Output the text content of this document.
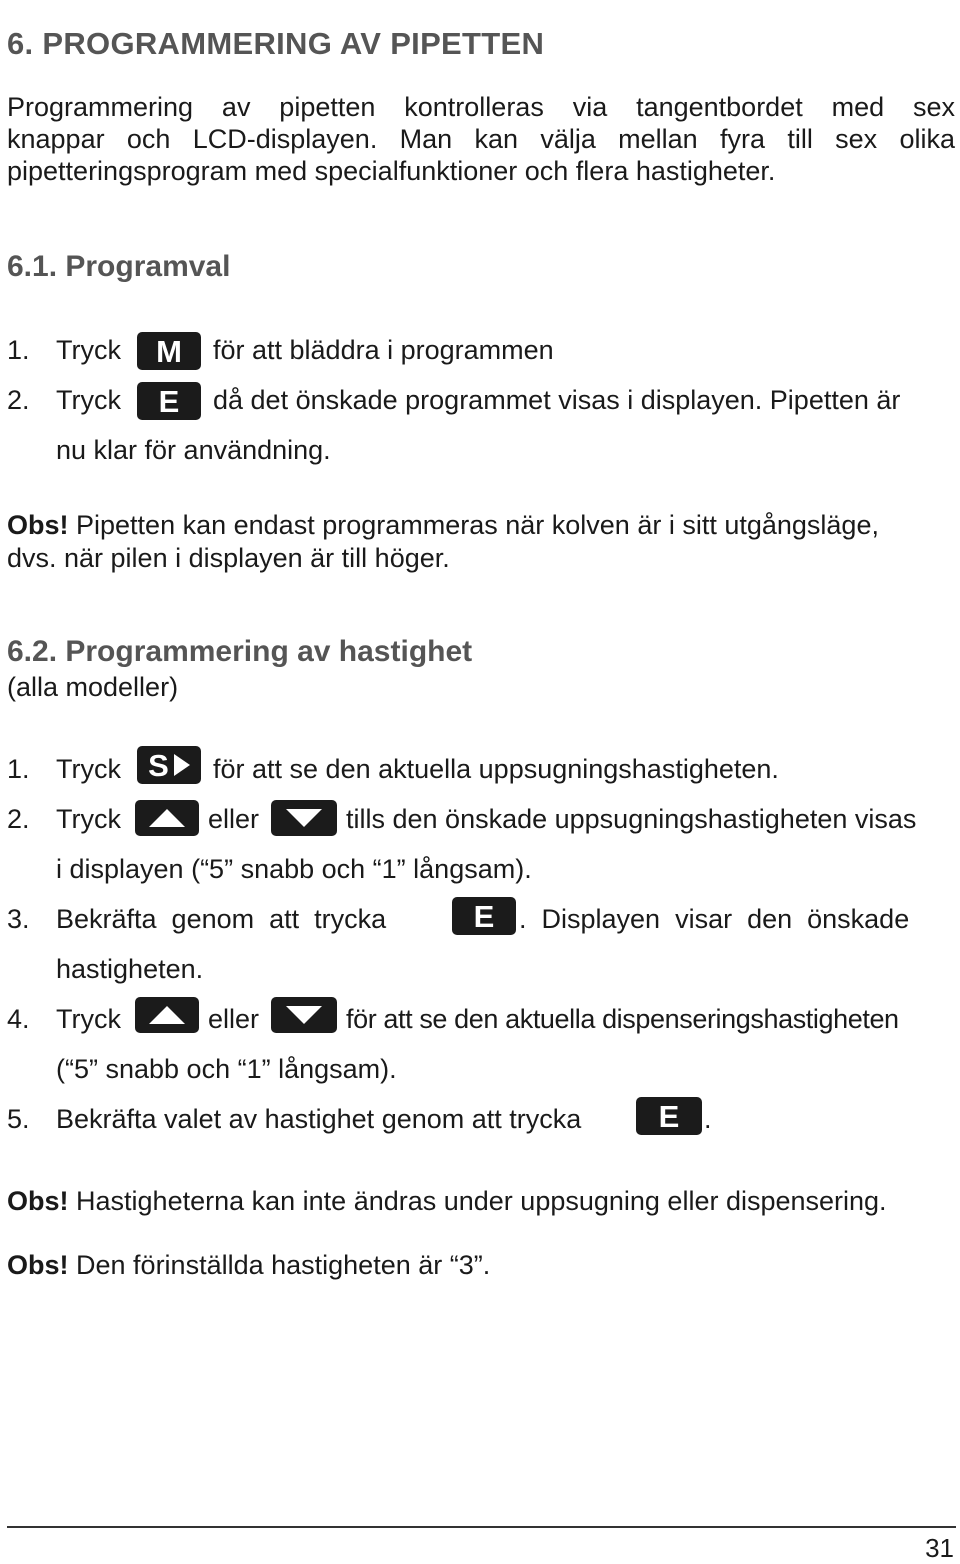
6. PROGRAMMERING AV PIPETTEN
Programmering av pipetten kontrolleras via tangentbordet med sex
knappar och LCD-displayen. Man kan välja mellan fyra till sex olika
pipetteringsprogram med specialfunktioner och flera hastigheter.
6.1. Programval
1. Tryck M för att bläddra i programmen
2. Tryck E då det önskade programmet visas i displayen. Pipetten är
nu klar för användning.
Obs! Pipetten kan endast programmeras när kolven är i sitt utgångsläge,
dvs. när pilen i displayen är till höger.
6.2. Programmering av hastighet
(alla modeller)
1. Tryck S för att se den aktuella uppsugningshastigheten.
2. Tryck	eller	tills den önskade uppsugningshastigheten visas
i displayen (“5” snabb och “1” långsam).
3. Bekräfta  genom  att  trycka	E .  Displayen  visar  den  önskade
hastigheten.
4. Tryck	eller	för att se den aktuella dispenseringshastigheten
(“5” snabb och “1” långsam).
5. Bekräfta valet av hastighet genom att trycka E .
Obs! Hastigheterna kan inte ändras under uppsugning eller dispensering.
Obs! Den förinställda hastigheten är “3”.
31
